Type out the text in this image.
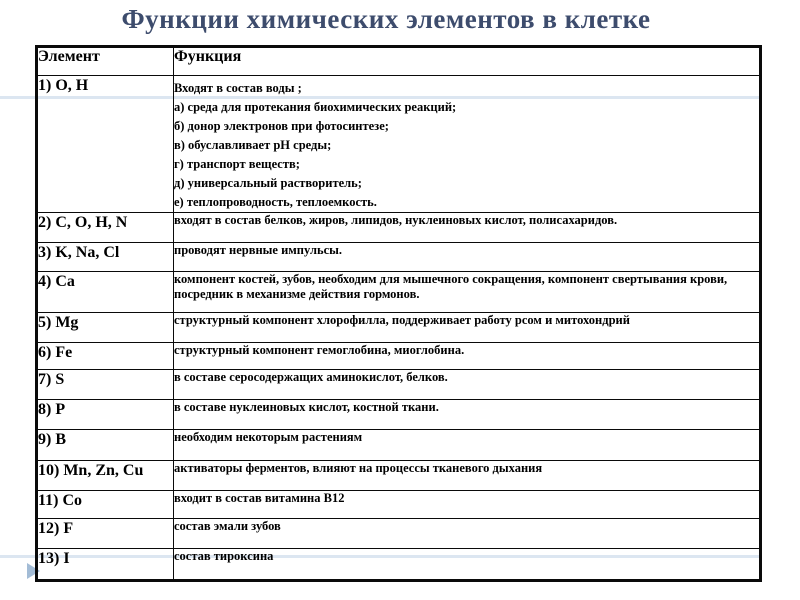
Функции химических элементов в клетке
Элемент	Функция
1) O, H	Входят в состав воды ;
а) среда для протекания биохимических реакций;
б) донор электронов при фотосинтезе;
в) обуславливает pH среды;
г) транспорт веществ;
д) универсальный растворитель;
е) теплопроводность, теплоемкость.

2) C, O, H, N	входят в состав белков, жиров, липидов, нуклеиновых кислот, полисахаридов.

3) K, Na, Cl	проводят нервные импульсы.

4) Ca	компонент костей, зубов, необходим для мышечного сокращения, компонент свертывания крови, посредник в механизме действия гормонов.

5) Mg	структурный компонент хлорофилла, поддерживает работу рсом и митохондрий

6) Fe	структурный компонент гемоглобина, миоглобина.

7) S	в составе серосодержащих аминокислот, белков.

8) P	в составе нуклеиновых кислот, костной ткани.

9) B	необходим некоторым растениям

10) Mn, Zn, Cu	активаторы ферментов, влияют на процессы тканевого дыхания

11) Co	входит в состав витамина B12

12) F	состав эмали зубов

13) I	состав тироксина
